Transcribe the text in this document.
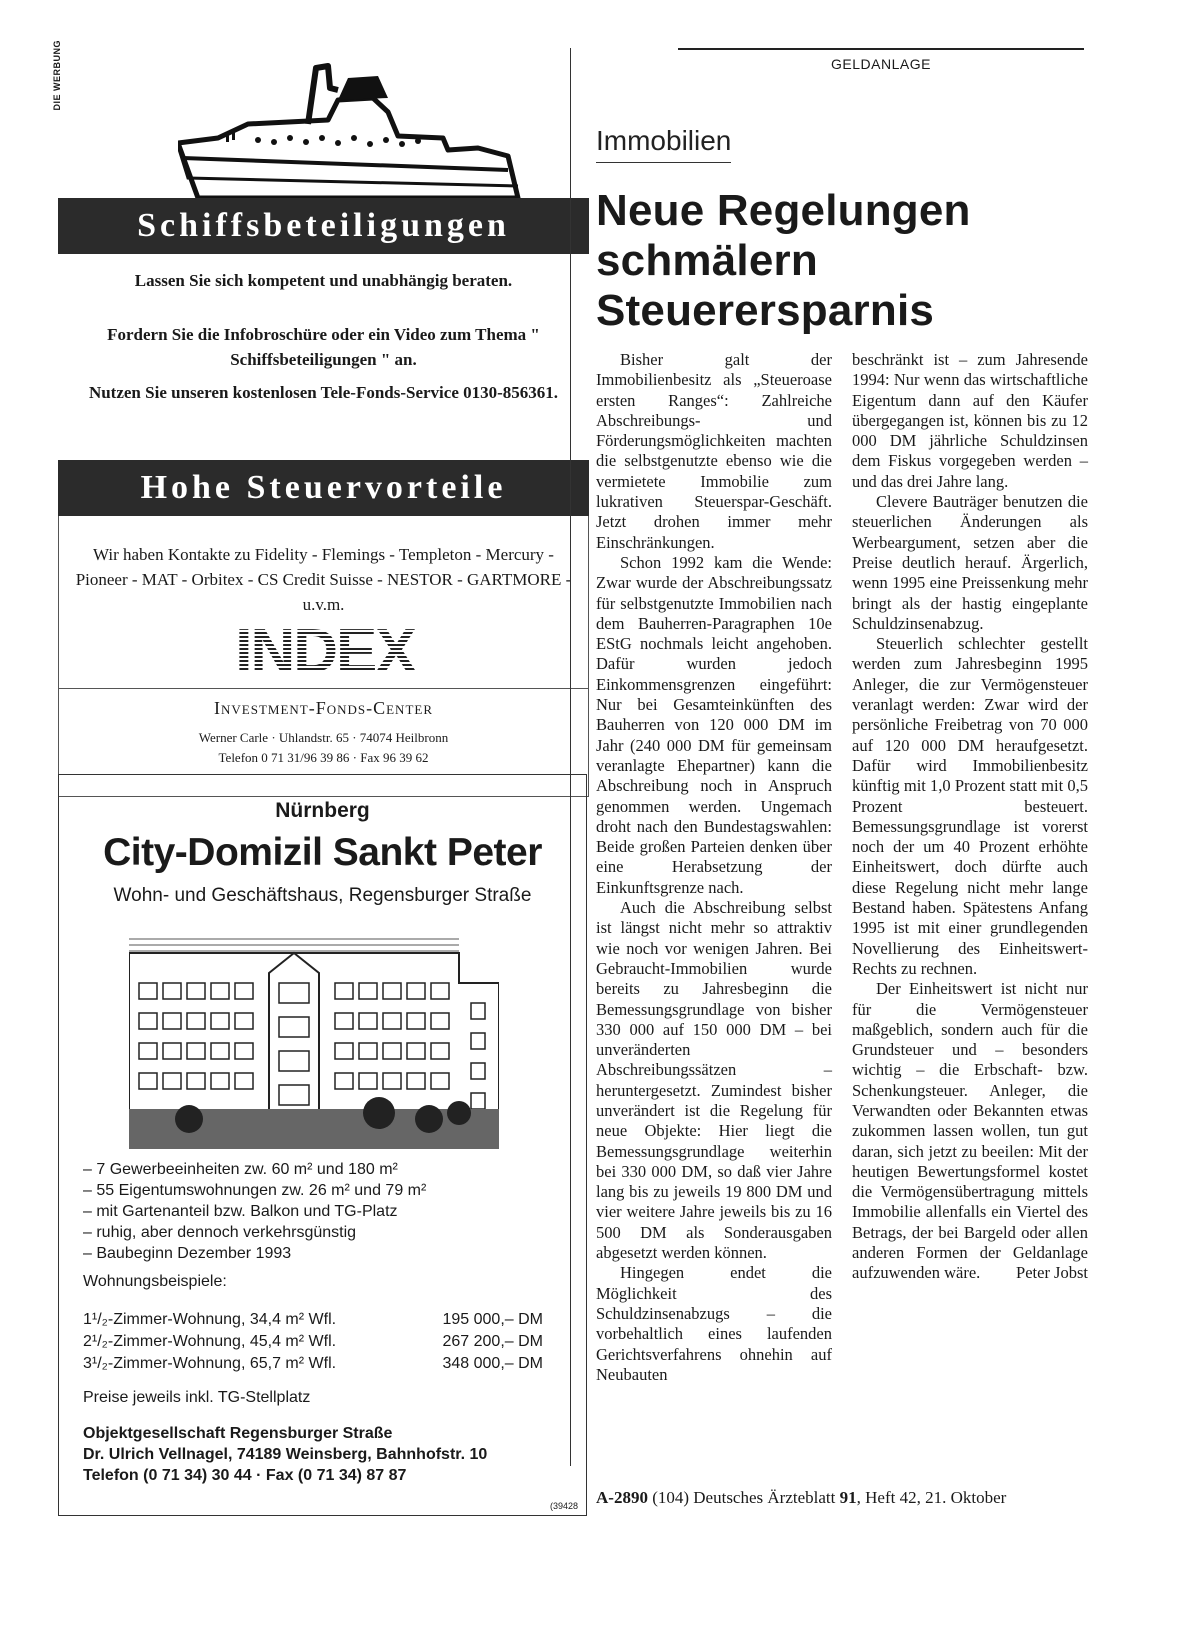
DIE WERBUNG
Schiffsbeteiligungen
Lassen Sie sich kompetent und unabhängig beraten.
Fordern Sie die Infobroschüre oder ein Video zum Thema " Schiffsbeteiligungen " an.
Nutzen Sie unseren kostenlosen Tele-Fonds-Service 0130-856361.
Hohe Steuervorteile
Wir haben Kontakte zu Fidelity - Flemings - Templeton - Mercury - Pioneer - MAT - Orbitex - CS Credit Suisse - NESTOR - GARTMORE - u.v.m.
INDEX
Investment-Fonds-Center
Werner Carle · Uhlandstr. 65 · 74074 Heilbronn
Telefon 0 71 31/96 39 86 · Fax 96 39 62
Nürnberg
City-Domizil Sankt Peter
Wohn- und Geschäftshaus, Regensburger Straße
– 7 Gewerbeeinheiten zw. 60 m² und 180 m²
– 55 Eigentumswohnungen zw. 26 m² und 79 m²
– mit Gartenanteil bzw. Balkon und TG-Platz
– ruhig, aber dennoch verkehrsgünstig
– Baubeginn Dezember 1993
Wohnungsbeispiele:
1¹/₂-Zimmer-Wohnung, 34,4 m² Wfl.	195 000,– DM
2¹/₂-Zimmer-Wohnung, 45,4 m² Wfl.	267 200,– DM
3¹/₂-Zimmer-Wohnung, 65,7 m² Wfl.	348 000,– DM
Preise jeweils inkl. TG-Stellplatz
Objektgesellschaft Regensburger Straße
Dr. Ulrich Vellnagel, 74189 Weinsberg, Bahnhofstr. 10
Telefon (0 71 34) 30 44 · Fax (0 71 34) 87 87
(39428
GELDANLAGE
Immobilien
Neue Regelungen schmälern Steuerersparnis

Bisher galt der Immobilienbesitz als „Steueroase ersten Ranges“: Zahlreiche Abschreibungs- und Förderungsmöglichkeiten machten die selbstgenutzte ebenso wie die vermietete Immobilie zum lukrativen Steuerspar-Geschäft. Jetzt drohen immer mehr Einschränkungen.

Schon 1992 kam die Wende: Zwar wurde der Abschreibungssatz für selbstgenutzte Immobilien nach dem Bauherren-Paragraphen 10e EStG nochmals leicht angehoben. Dafür wurden jedoch Einkommensgrenzen eingeführt: Nur bei Gesamteinkünften des Bauherren von 120 000 DM im Jahr (240 000 DM für gemeinsam veranlagte Ehepartner) kann die Abschreibung noch in Anspruch genommen werden. Ungemach droht nach den Bundestagswahlen: Beide großen Parteien denken über eine Herabsetzung der Einkunftsgrenze nach.

Auch die Abschreibung selbst ist längst nicht mehr so attraktiv wie noch vor wenigen Jahren. Bei Gebraucht-Immobilien wurde bereits zu Jahresbeginn die Bemessungsgrundlage von bisher 330 000 auf 150 000 DM – bei unveränderten Abschreibungssätzen – heruntergesetzt. Zumindest bisher unverändert ist die Regelung für neue Objekte: Hier liegt die Bemessungsgrundlage weiterhin bei 330 000 DM, so daß vier Jahre lang bis zu jeweils 19 800 DM und vier weitere Jahre jeweils bis zu 16 500 DM als Sonderausgaben abgesetzt werden können.

Hingegen endet die Möglichkeit des Schuldzinsenabzugs – die vorbehaltlich eines laufenden Gerichtsverfahrens ohnehin auf Neubauten

beschränkt ist – zum Jahresende 1994: Nur wenn das wirtschaftliche Eigentum dann auf den Käufer übergegangen ist, können bis zu 12 000 DM jährliche Schuldzinsen dem Fiskus vorgegeben werden – und das drei Jahre lang.

Clevere Bauträger benutzen die steuerlichen Änderungen als Werbeargument, setzen aber die Preise deutlich herauf. Ärgerlich, wenn 1995 eine Preissenkung mehr bringt als der hastig eingeplante Schuldzinsenabzug.

Steuerlich schlechter gestellt werden zum Jahresbeginn 1995 Anleger, die zur Vermögensteuer veranlagt werden: Zwar wird der persönliche Freibetrag von 70 000 auf 120 000 DM heraufgesetzt. Dafür wird Immobilienbesitz künftig mit 1,0 Prozent statt mit 0,5 Prozent besteuert. Bemessungsgrundlage ist vorerst noch der um 40 Prozent erhöhte Einheitswert, doch dürfte auch diese Regelung nicht mehr lange Bestand haben. Spätestens Anfang 1995 ist mit einer grundlegenden Novellierung des Einheitswert-Rechts zu rechnen.

Der Einheitswert ist nicht nur für die Vermögensteuer maßgeblich, sondern auch für die Grundsteuer und – besonders wichtig – die Erbschaft- bzw. Schenkungsteuer. Anleger, die Verwandten oder Bekannten etwas zukommen lassen wollen, tun gut daran, sich jetzt zu beeilen: Mit der heutigen Bewertungsformel kostet die Vermögensübertragung mittels Immobilie allenfalls ein Viertel des Betrags, der bei Bargeld oder allen anderen Formen der Geldanlage aufzuwenden wäre.	Peter Jobst

A-2890 (104) Deutsches Ärzteblatt 91, Heft 42, 21. Oktober
